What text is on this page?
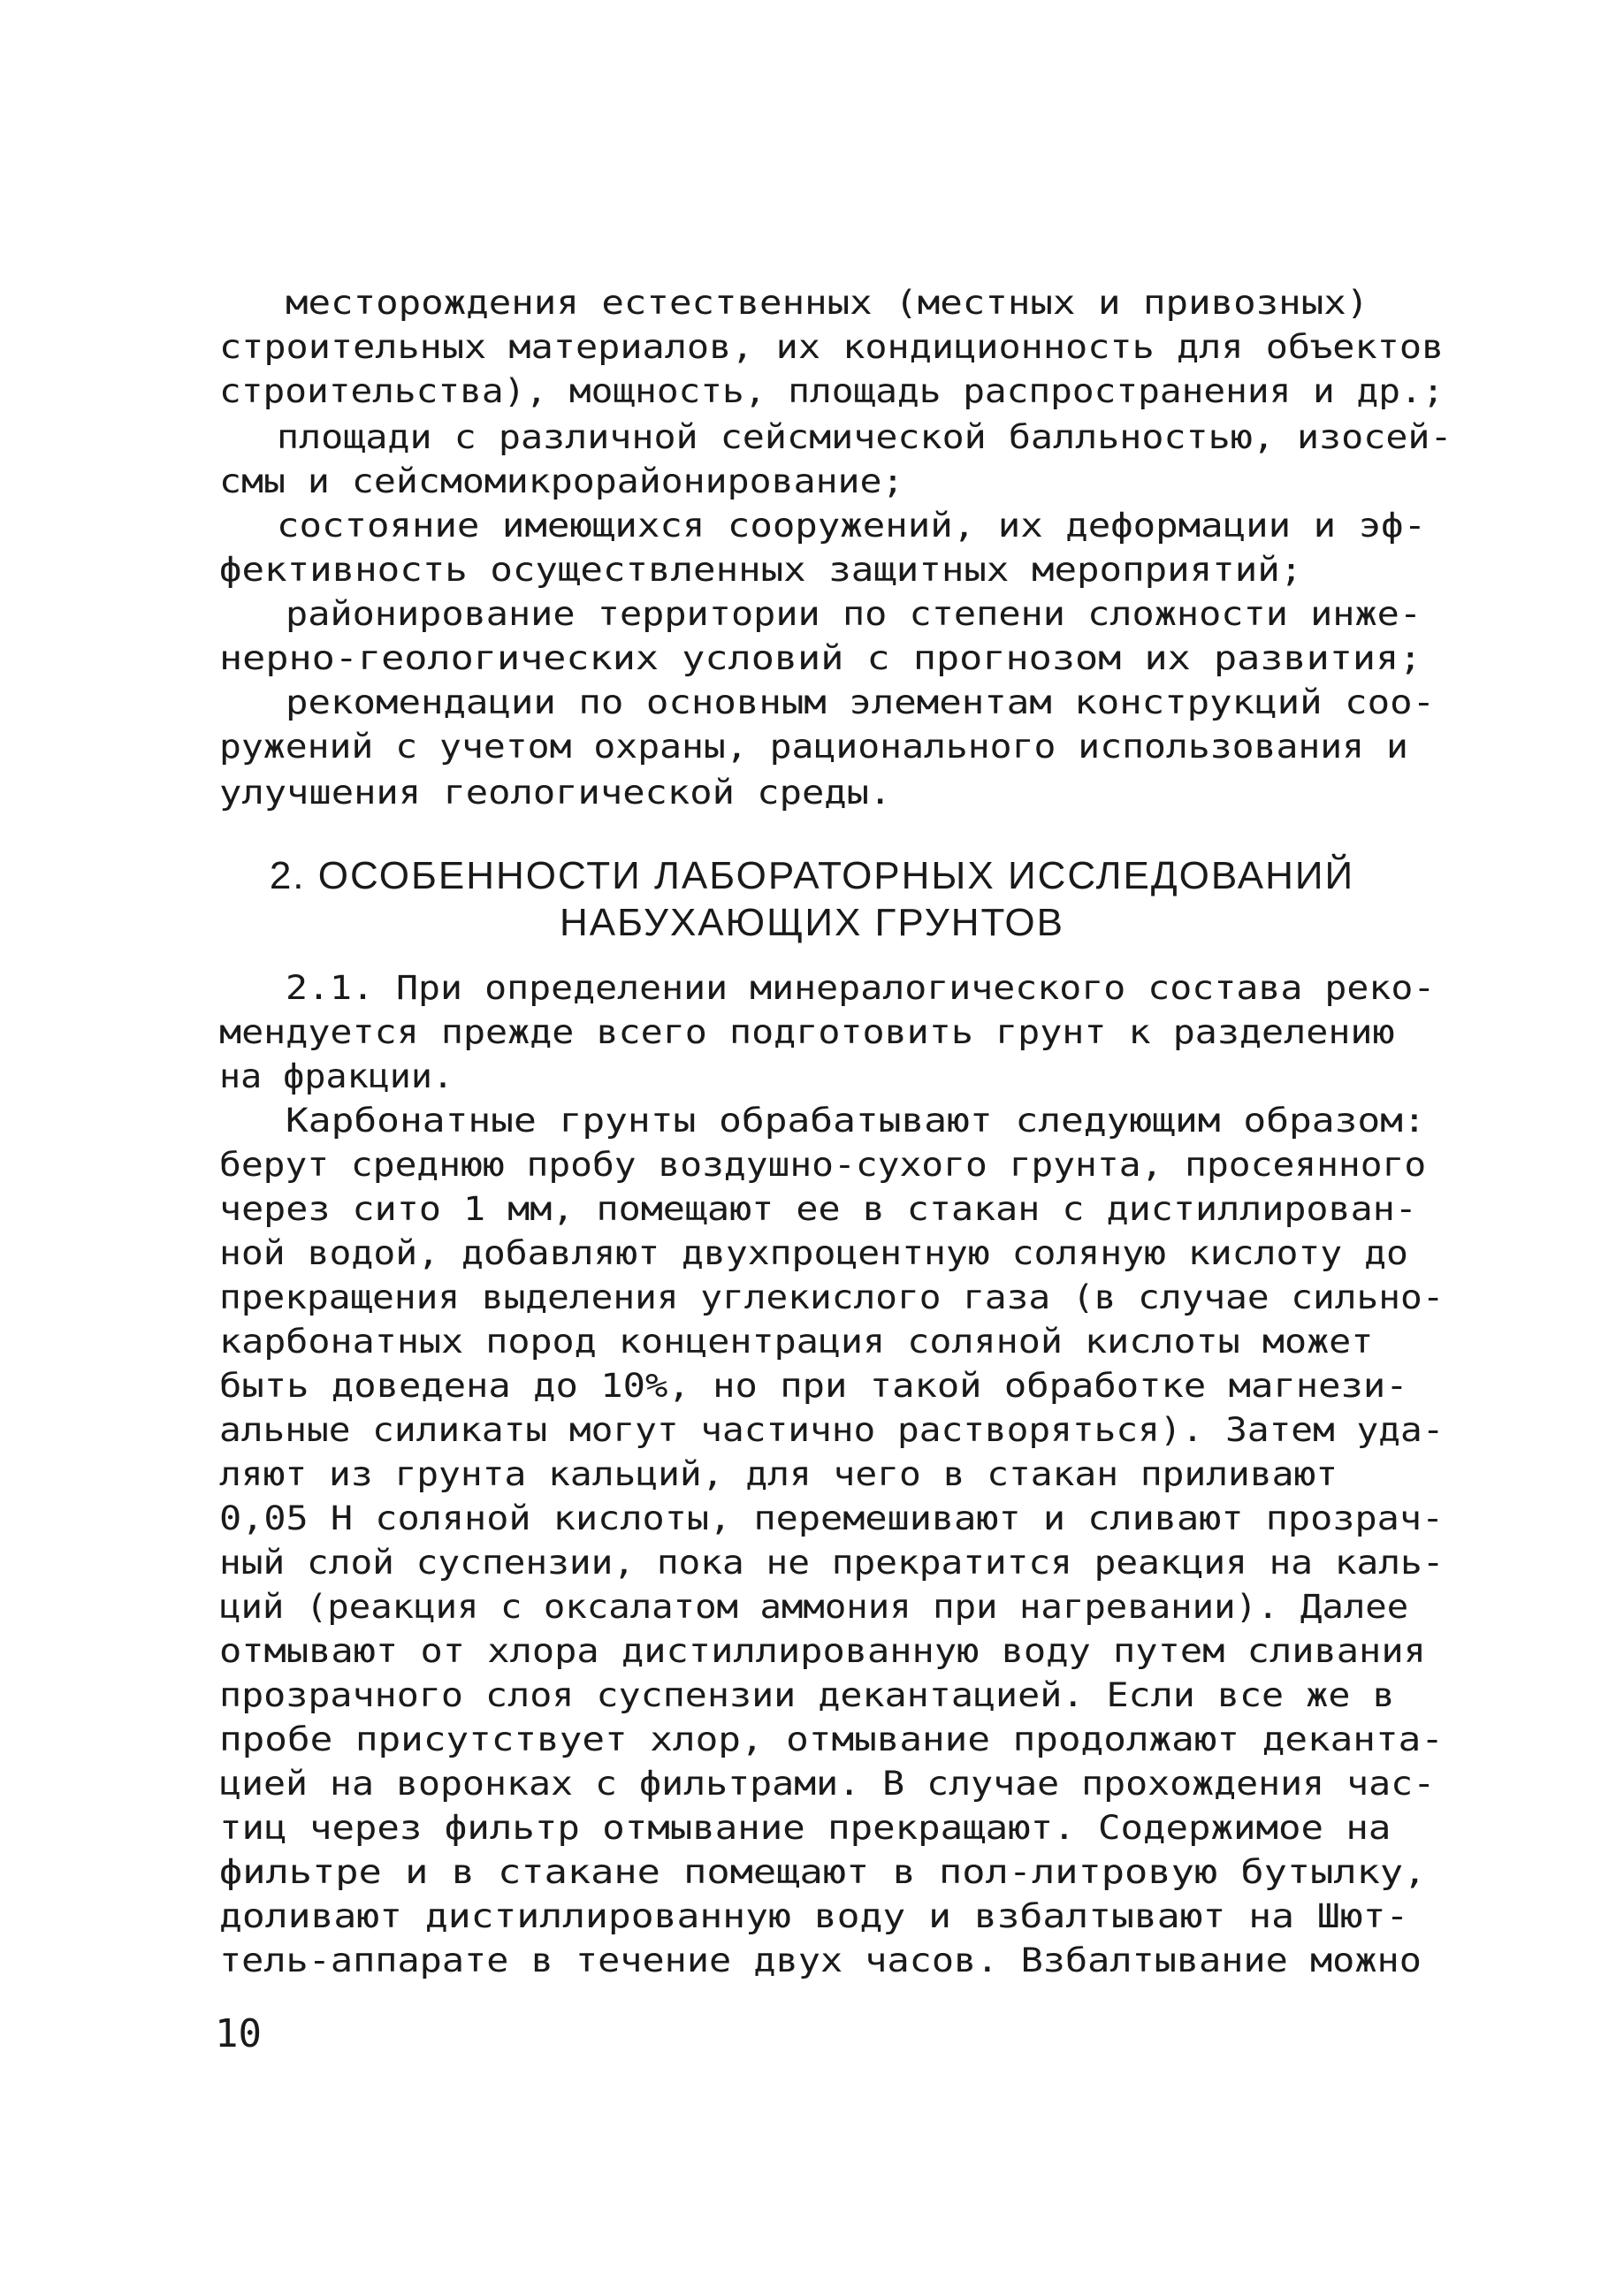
месторождения естественных (местных и привозных)
строительных материалов, их кондиционность для объектов
строительства), мощность, площадь распространения и др.;
площади с различной сейсмической балльностью, изосей-
смы и сейсмомикрорайонирование;
состояние имеющихся сооружений, их деформации и эф-
фективность осуществленных защитных мероприятий;
районирование территории по степени сложности инже-
нерно-геологических условий с прогнозом их развития;
рекомендации по основным элементам конструкций соо-
ружений с учетом охраны, рационального использования и
улучшения геологической среды.
2. ОСОБЕННОСТИ ЛАБОРАТОРНЫХ ИССЛЕДОВАНИЙ
НАБУХАЮЩИХ ГРУНТОВ
2.1. При определении минералогического состава реко-
мендуется прежде всего подготовить грунт к разделению
на фракции.
Карбонатные грунты обрабатывают следующим образом:
берут среднюю пробу воздушно-сухого грунта, просеянного
через сито 1 мм, помещают ее в стакан с дистиллирован-
ной водой, добавляют двухпроцентную соляную кислоту до
прекращения выделения углекислого газа (в случае сильно-
карбонатных пород концентрация соляной кислоты может
быть доведена до 10%, но при такой обработке магнези-
альные силикаты могут частично растворяться). Затем уда-
ляют из грунта кальций, для чего в стакан приливают
0,05 Н соляной кислоты, перемешивают и сливают прозрач-
ный слой суспензии, пока не прекратится реакция на каль-
ций (реакция с оксалатом аммония при нагревании). Далее
отмывают от хлора дистиллированную воду путем сливания
прозрачного слоя суспензии декантацией. Если все же в
пробе присутствует хлор, отмывание продолжают деканта-
цией на воронках с фильтрами. В случае прохождения час-
тиц через фильтр отмывание прекращают. Содержимое на
фильтре и в стакане помещают в пол-литровую бутылку,
доливают дистиллированную воду и взбалтывают на Шют-
тель-аппарате в течение двух часов. Взбалтывание можно
10
